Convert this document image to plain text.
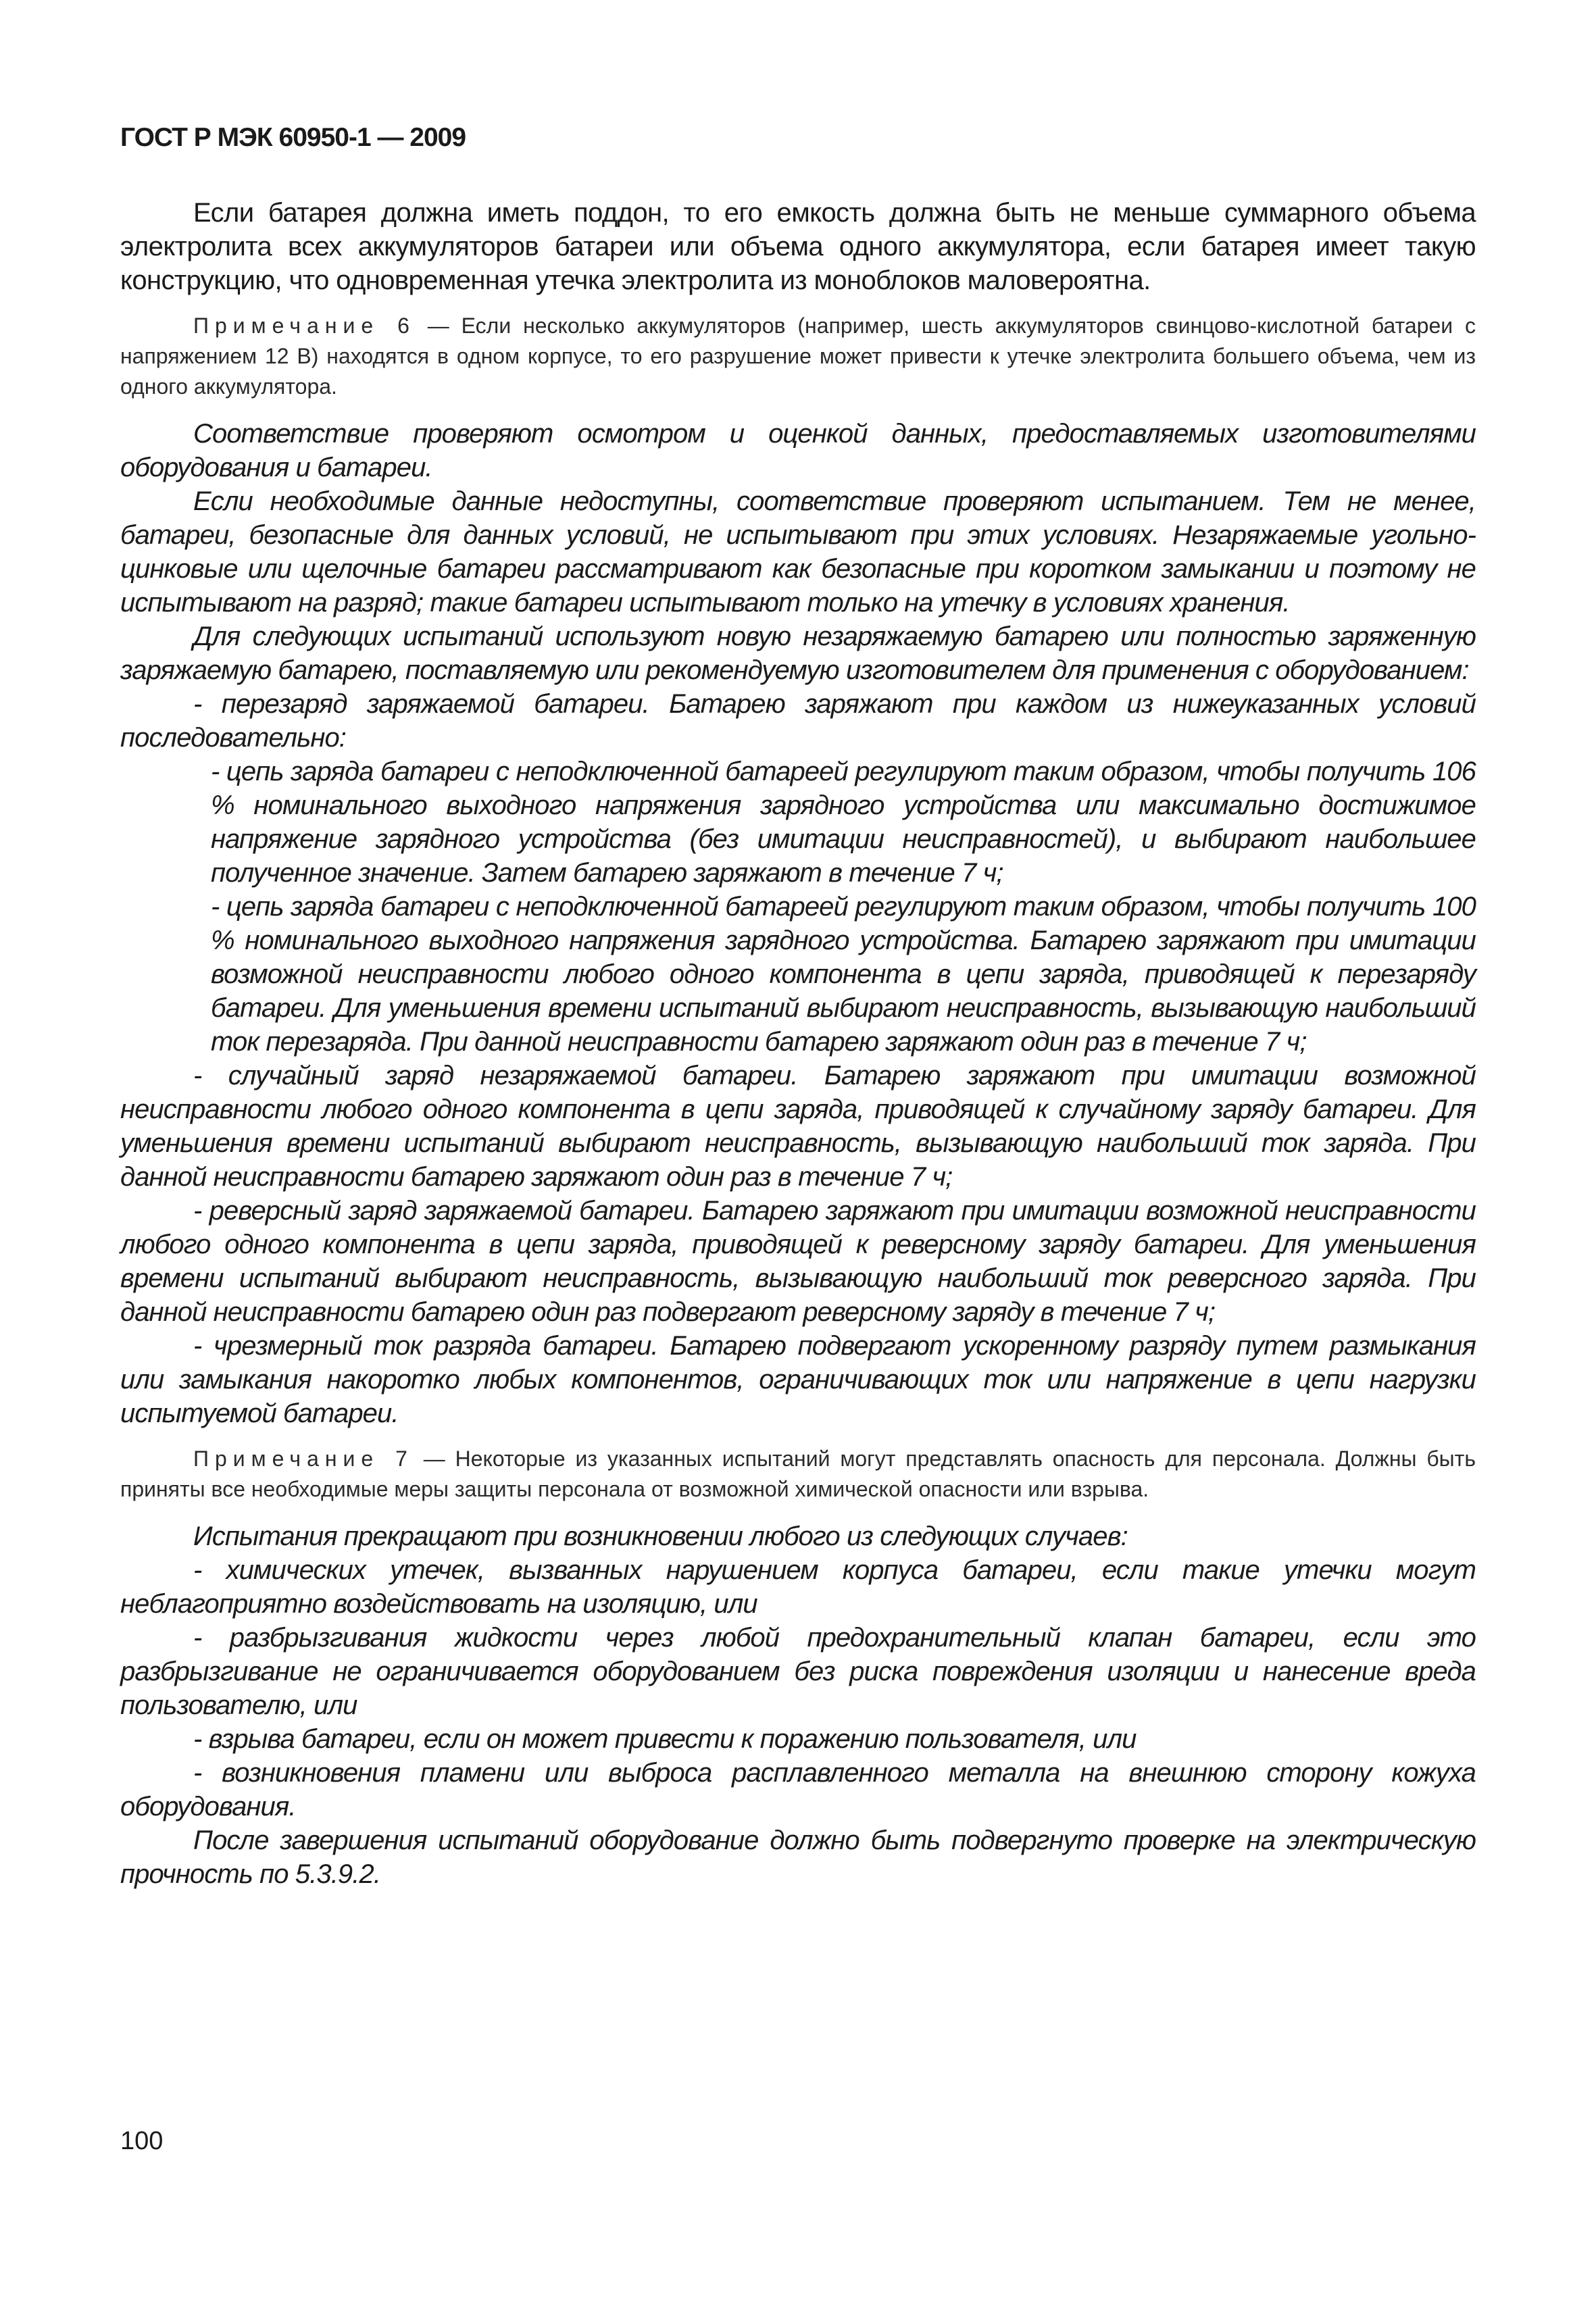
ГОСТ Р МЭК 60950-1 — 2009

Если батарея должна иметь поддон, то его емкость должна быть не меньше суммарного объема электролита всех аккумуляторов батареи или объема одного аккумулятора, если батарея имеет такую конструкцию, что одновременная утечка электролита из моноблоков маловероятна.

Примечание 6 — Если несколько аккумуляторов (например, шесть аккумуляторов свинцово-кислотной батареи с напряжением 12 В) находятся в одном корпусе, то его разрушение может привести к утечке электролита большего объема, чем из одного аккумулятора.

Соответствие проверяют осмотром и оценкой данных, предоставляемых изготовителями оборудования и батареи.

Если необходимые данные недоступны, соответствие проверяют испытанием. Тем не менее, батареи, безопасные для данных условий, не испытывают при этих условиях. Незаряжаемые угольно-цинковые или щелочные батареи рассматривают как безопасные при коротком замыкании и поэтому не испытывают на разряд; такие батареи испытывают только на утечку в условиях хранения.

Для следующих испытаний используют новую незаряжаемую батарею или полностью заряженную заряжаемую батарею, поставляемую или рекомендуемую изготовителем для применения с оборудованием:

- перезаряд заряжаемой батареи. Батарею заряжают при каждом из нижеуказанных условий последовательно:

- цепь заряда батареи с неподключенной батареей регулируют таким образом, чтобы получить 106 % номинального выходного напряжения зарядного устройства или максимально достижимое напряжение зарядного устройства (без имитации неисправностей), и выбирают наибольшее полученное значение. Затем батарею заряжают в течение 7 ч;

- цепь заряда батареи с неподключенной батареей регулируют таким образом, чтобы получить 100 % номинального выходного напряжения зарядного устройства. Батарею заряжают при имитации возможной неисправности любого одного компонента в цепи заряда, приводящей к перезаряду батареи. Для уменьшения времени испытаний выбирают неисправность, вызывающую наибольший ток перезаряда. При данной неисправности батарею заряжают один раз в течение 7 ч;

- случайный заряд незаряжаемой батареи. Батарею заряжают при имитации возможной неисправности любого одного компонента в цепи заряда, приводящей к случайному заряду батареи. Для уменьшения времени испытаний выбирают неисправность, вызывающую наибольший ток заряда. При данной неисправности батарею заряжают один раз в течение 7 ч;

- реверсный заряд заряжаемой батареи. Батарею заряжают при имитации возможной неисправности любого одного компонента в цепи заряда, приводящей к реверсному заряду батареи. Для уменьшения времени испытаний выбирают неисправность, вызывающую наибольший ток реверсного заряда. При данной неисправности батарею один раз подвергают реверсному заряду в течение 7 ч;

- чрезмерный ток разряда батареи. Батарею подвергают ускоренному разряду путем размыкания или замыкания накоротко любых компонентов, ограничивающих ток или напряжение в цепи нагрузки испытуемой батареи.

Примечание 7 — Некоторые из указанных испытаний могут представлять опасность для персонала. Должны быть приняты все необходимые меры защиты персонала от возможной химической опасности или взрыва.

Испытания прекращают при возникновении любого из следующих случаев:

- химических утечек, вызванных нарушением корпуса батареи, если такие утечки могут неблагоприятно воздействовать на изоляцию, или

- разбрызгивания жидкости через любой предохранительный клапан батареи, если это разбрызгивание не ограничивается оборудованием без риска повреждения изоляции и нанесение вреда пользователю, или

- взрыва батареи, если он может привести к поражению пользователя, или

- возникновения пламени или выброса расплавленного металла на внешнюю сторону кожуха оборудования.

После завершения испытаний оборудование должно быть подвергнуто проверке на электрическую прочность по 5.3.9.2.

100
